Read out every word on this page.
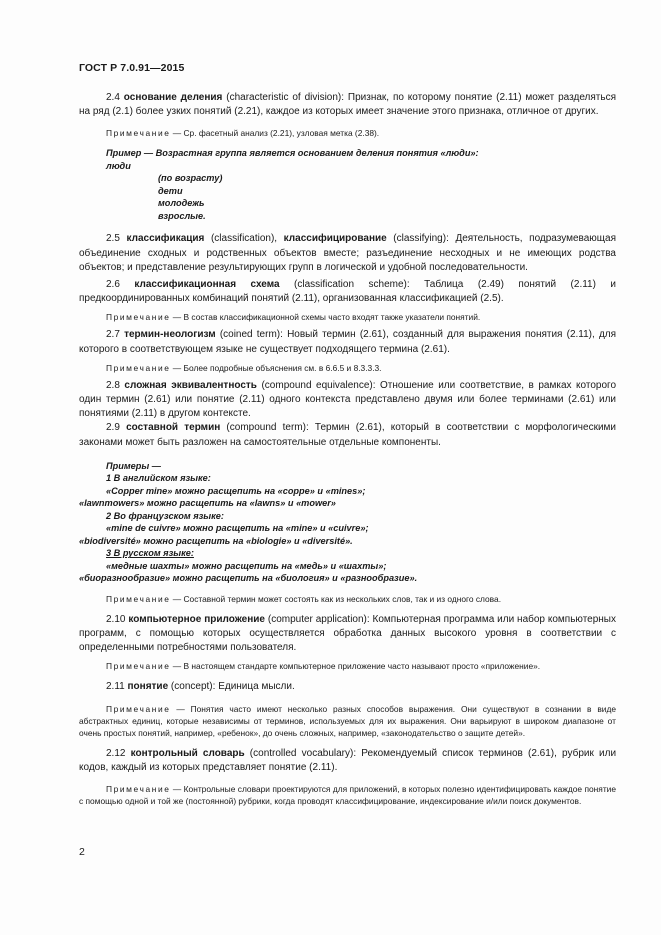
ГОСТ Р 7.0.91—2015

2.4 основание деления (characteristic of division): Признак, по которому понятие (2.11) может разделяться на ряд (2.1) более узких понятий (2.21), каждое из которых имеет значение этого признака, отличное от других.

Примечание — Ср. фасетный анализ (2.21), узловая метка (2.38).

Пример — Возрастная группа является основанием деления понятия «люди»:
люди
(по возрасту)
дети
молодежь
взрослые.

2.5 классификация (classification), классифицирование (classifying): Деятельность, подразумевающая объединение сходных и родственных объектов вместе; разъединение несходных и не имеющих родства объектов; и представление результирующих групп в логической и удобной последовательности.

2.6 классификационная схема (classification scheme): Таблица (2.49) понятий (2.11) и предкоординированных комбинаций понятий (2.11), организованная классификацией (2.5).

Примечание — В состав классификационной схемы часто входят также указатели понятий.

2.7 термин-неологизм (coined term): Новый термин (2.61), созданный для выражения понятия (2.11), для которого в соответствующем языке не существует подходящего термина (2.61).

Примечание — Более подробные объяснения см. в 6.6.5 и 8.3.3.3.

2.8 сложная эквивалентность (compound equivalence): Отношение или соответствие, в рамках которого один термин (2.61) или понятие (2.11) одного контекста представлено двумя или более терминами (2.61) или понятиями (2.11) в другом контексте.

2.9 составной термин (compound term): Термин (2.61), который в соответствии с морфологическими законами может быть разложен на самостоятельные отдельные компоненты.

Примеры —
1 В английском языке:
«Copper mine» можно расщепить на «coppe» и «mines»;
«lawnmowers» можно расщепить на «lawns» и «mower»
2 Во французском языке:
«mine de cuivre» можно расщепить на «mine» и «cuivre»;
«biodiversité» можно расщепить на «biologie» и «diversité».
3 В русском языке:
«медные шахты» можно расщепить на «медь» и «шахты»;
«биоразнообразие» можно расщепить на «биология» и «разнообразие».

Примечание — Составной термин может состоять как из нескольких слов, так и из одного слова.

2.10 компьютерное приложение (computer application): Компьютерная программа или набор компьютерных программ, с помощью которых осуществляется обработка данных высокого уровня в соответствии с определенными потребностями пользователя.

Примечание — В настоящем стандарте компьютерное приложение часто называют просто «приложение».

2.11 понятие (concept): Единица мысли.

Примечание — Понятия часто имеют несколько разных способов выражения. Они существуют в сознании в виде абстрактных единиц, которые независимы от терминов, используемых для их выражения. Они варьируют в широком диапазоне от очень простых понятий, например, «ребенок», до очень сложных, например, «законодательство о защите детей».

2.12 контрольный словарь (controlled vocabulary): Рекомендуемый список терминов (2.61), рубрик или кодов, каждый из которых представляет понятие (2.11).

Примечание — Контрольные словари проектируются для приложений, в которых полезно идентифицировать каждое понятие с помощью одной и той же (постоянной) рубрики, когда проводят классифицирование, индексирование и/или поиск документов.

2
